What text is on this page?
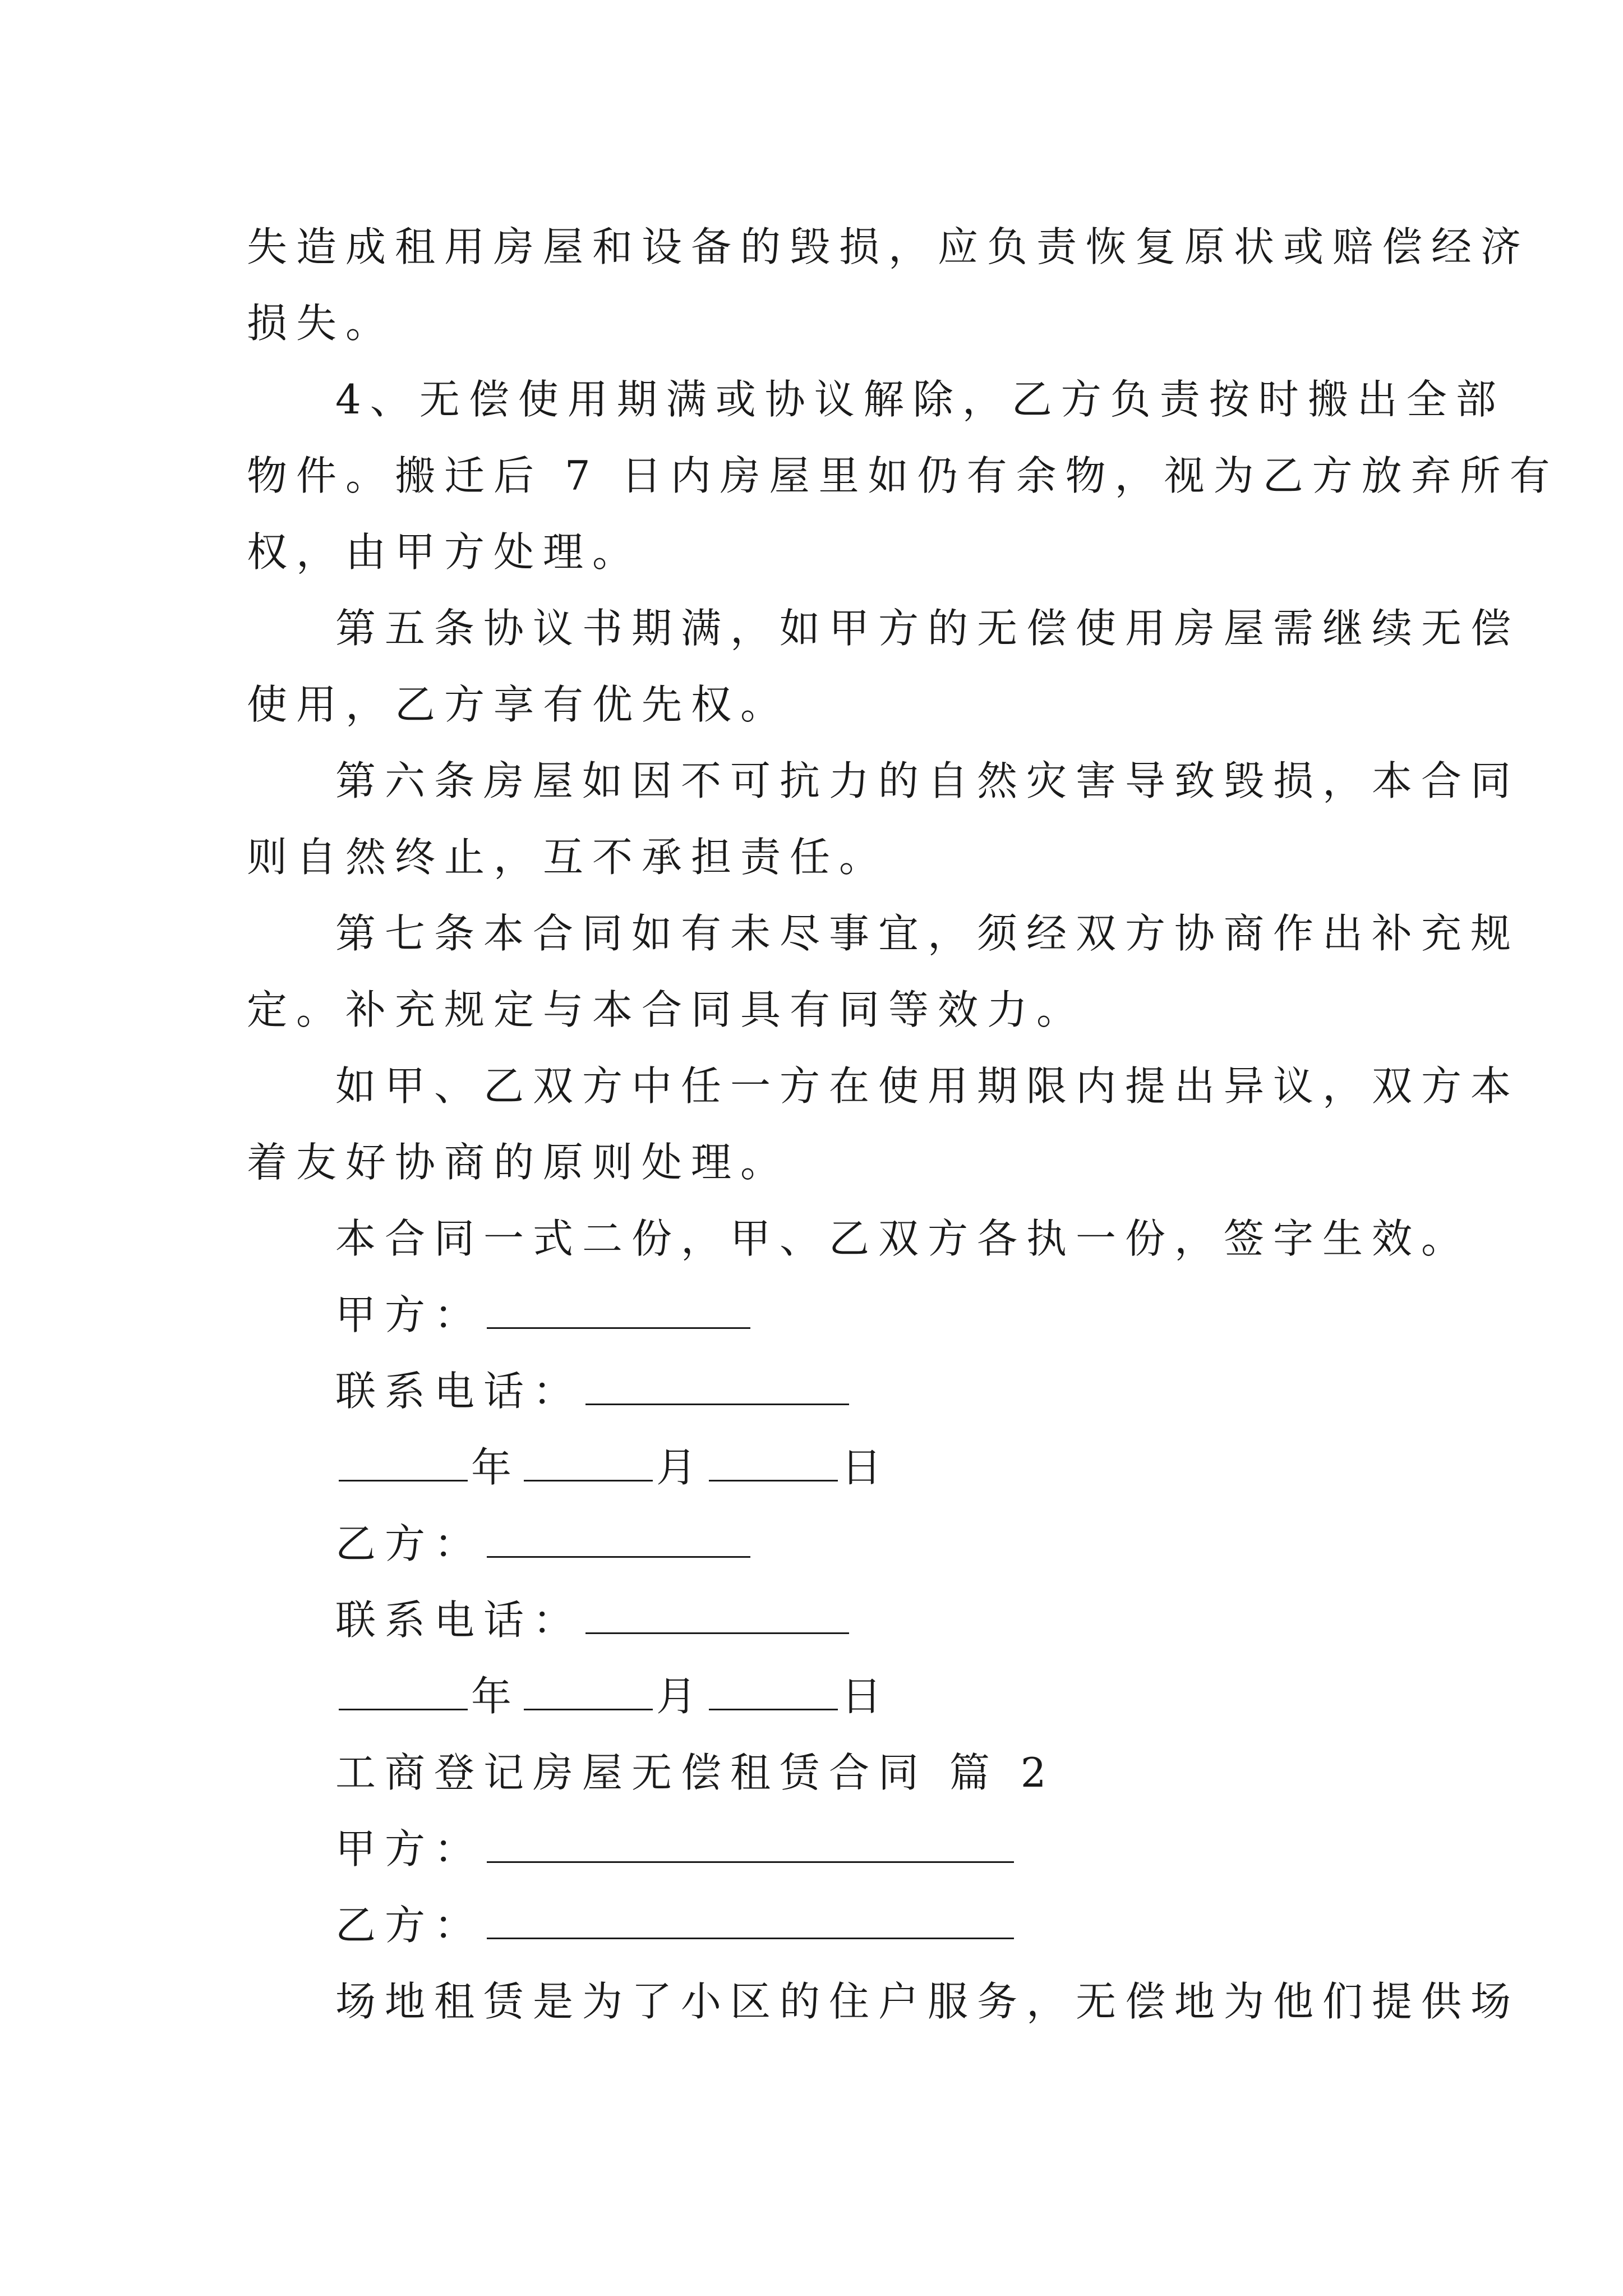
失造成租用房屋和设备的毁损，应负责恢复原状或赔偿经济
损失。
4、无偿使用期满或协议解除，乙方负责按时搬出全部
物件。搬迁后 7 日内房屋里如仍有余物，视为乙方放弃所有
权，由甲方处理。
第五条协议书期满，如甲方的无偿使用房屋需继续无偿
使用，乙方享有优先权。
第六条房屋如因不可抗力的自然灾害导致毁损，本合同
则自然终止，互不承担责任。
第七条本合同如有未尽事宜，须经双方协商作出补充规
定。补充规定与本合同具有同等效力。
如甲、乙双方中任一方在使用期限内提出异议，双方本
着友好协商的原则处理。
本合同一式二份，甲、乙双方各执一份，签字生效。
甲方：
联系电话：
年	月	日
乙方：
联系电话：
年	月	日
工商登记房屋无偿租赁合同 篇 2
甲方：
乙方：
场地租赁是为了小区的住户服务，无偿地为他们提供场
